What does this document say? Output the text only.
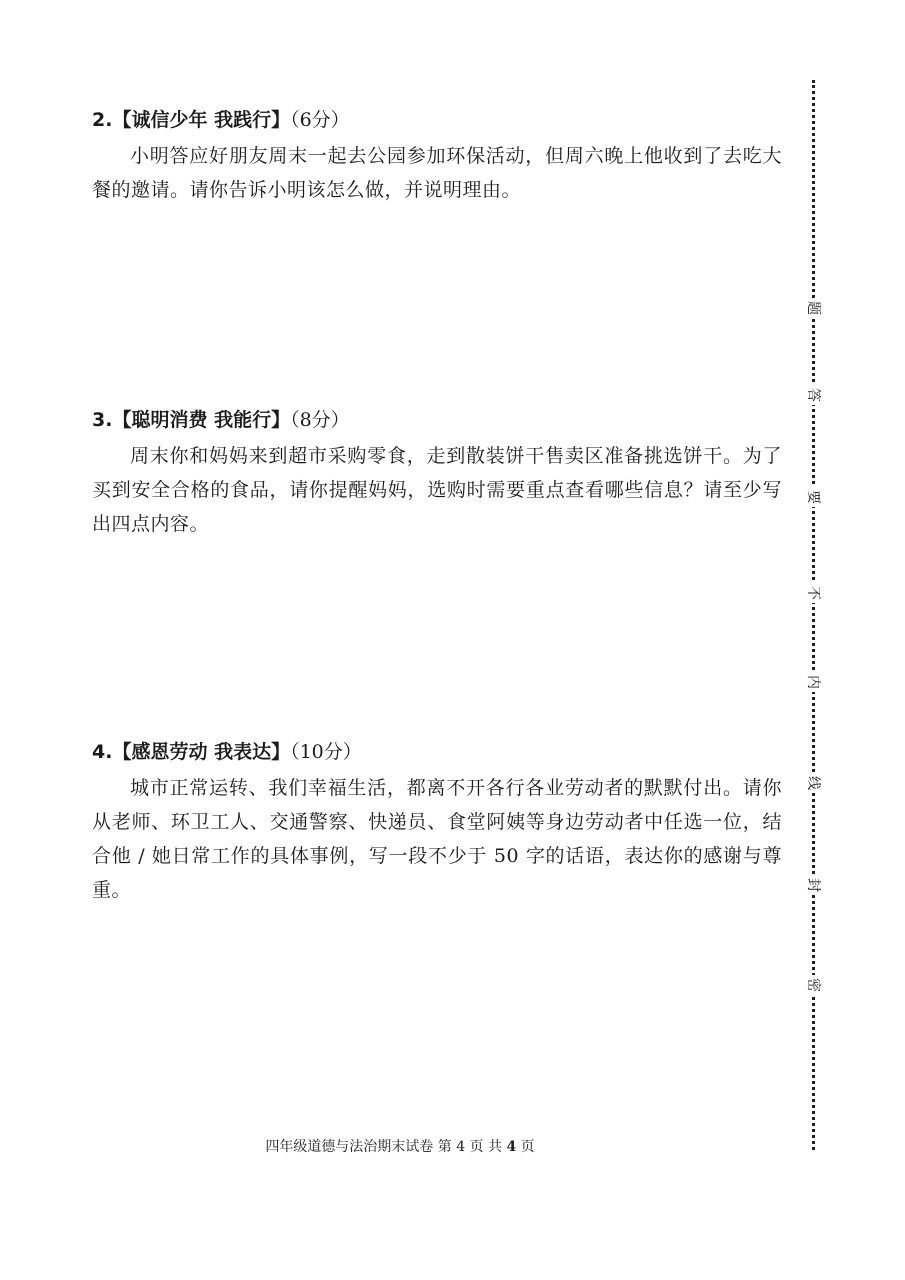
2.【诚信少年 我践行】（6分）

小明答应好朋友周末一起去公园参加环保活动，但周六晚上他收到了去吃大餐的邀请。请你告诉小明该怎么做，并说明理由。

3.【聪明消费 我能行】（8分）

周末你和妈妈来到超市采购零食，走到散装饼干售卖区准备挑选饼干。为了买到安全合格的食品，请你提醒妈妈，选购时需要重点查看哪些信息？请至少写出四点内容。

4.【感恩劳动 我表达】（10分）

城市正常运转、我们幸福生活，都离不开各行各业劳动者的默默付出。请你从老师、环卫工人、交通警察、快递员、食堂阿姨等身边劳动者中任选一位，结合他 / 她日常工作的具体事例，写一段不少于 50 字的话语，表达你的感谢与尊重。

四年级道德与法治期末试卷 第 4 页 共 4 页
题
答
要
不
内
线
封
密
